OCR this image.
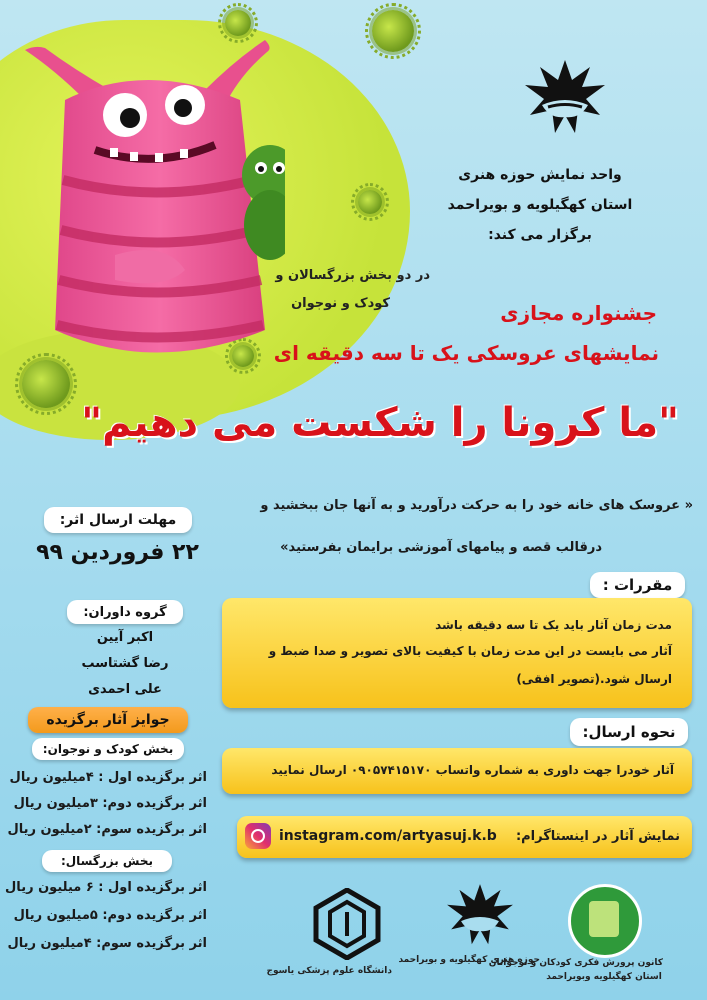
در دو بخش بزرگسالان و
کودک و نوجوان
واحد نمایش حوزه هنری
استان کهگیلویه و بویراحمد
برگزار می کند:
جشنواره مجازی
نمایشهای عروسکی یک تا سه دقیقه ای
"ما کرونا را شکست می دهیم"
« عروسک های خانه خود را به حرکت درآورید و به آنها جان ببخشید و
درقالب قصه و پیامهای آموزشی برایمان بفرستید»
مقررات :
مدت زمان آثار باید یک تا سه دقیقه باشد
آثار می بایست در این مدت زمان با کیفیت بالای تصویر و صدا ضبط و
ارسال شود.(تصویر افقی)
نحوه ارسال:
آثار خودرا جهت داوری به شماره واتساب ۰۹۰۵۷۴۱۵۱۷۰ ارسال نمایید
نمایش آثار در اینستاگرام:
instagram.com/artyasuj.k.b
مهلت ارسال اثر:
۲۲ فروردین ۹۹
گروه داوران:
اکبر آیین
رضا گشتاسب
علی احمدی
جوایز آثار برگزیده
بخش کودک و نوجوان:
اثر برگزیده اول : ۴میلیون ریال
اثر برگزیده دوم: ۳میلیون ریال
اثر برگزیده سوم: ۲میلیون ریال
بخش بزرگسال:
اثر برگزیده اول : ۶ میلیون ریال
اثر برگزیده دوم: ۵میلیون ریال
اثر برگزیده سوم: ۴میلیون ریال
دانشگاه علوم پزشکی یاسوج
حوزه هنری کهگیلویه و بویراحمد
کانون پرورش فکری کودکان و نوجوانان
استان کهگیلویه وبویراحمد
